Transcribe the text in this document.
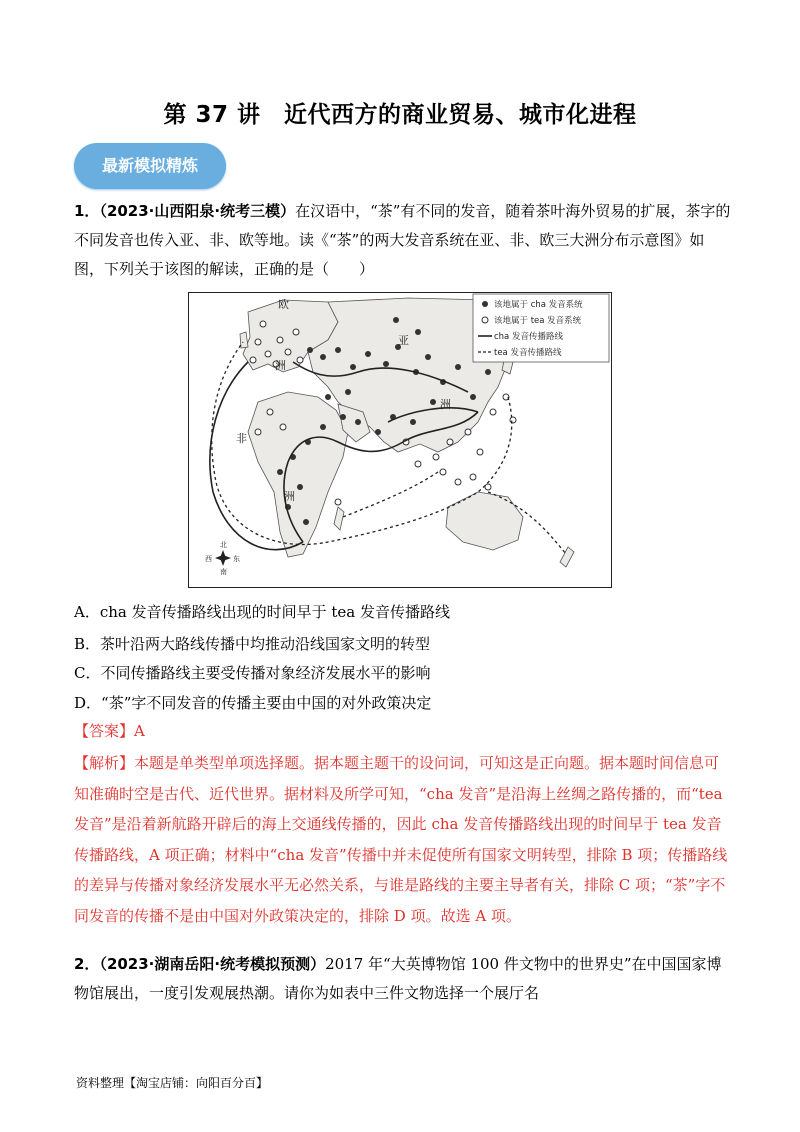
第 37 讲　近代西方的商业贸易、城市化进程
最新模拟精炼
1．（2023·山西阳泉·统考三模）在汉语中，“茶”有不同的发音，随着茶叶海外贸易的扩展，茶字的不同发音也传入亚、非、欧等地。读《“茶”的两大发音系统在亚、非、欧三大洲分布示意图》如图，下列关于该图的解读，正确的是（　　）
欧
洲
亚
洲
非
洲
该地属于 cha 发音系统
该地属于 tea 发音系统
cha 发音传播路线
tea 发音传播路线
北
南
东
西
A．cha 发音传播路线出现的时间早于 tea 发音传播路线
B．茶叶沿两大路线传播中均推动沿线国家文明的转型
C．不同传播路线主要受传播对象经济发展水平的影响
D．“茶”字不同发音的传播主要由中国的对外政策决定
【答案】A
【解析】本题是单类型单项选择题。据本题主题干的设问词，可知这是正向题。据本题时间信息可知准确时空是古代、近代世界。据材料及所学可知，“cha 发音”是沿海上丝绸之路传播的，而“tea 发音”是沿着新航路开辟后的海上交通线传播的，因此 cha 发音传播路线出现的时间早于 tea 发音传播路线，A 项正确；材料中“cha 发音”传播中并未促使所有国家文明转型，排除 B 项；传播路线的差异与传播对象经济发展水平无必然关系，与谁是路线的主要主导者有关，排除 C 项；“茶”字不同发音的传播不是由中国对外政策决定的，排除 D 项。故选 A 项。
2．（2023·湖南岳阳·统考模拟预测）2017 年“大英博物馆 100 件文物中的世界史”在中国国家博物馆展出，一度引发观展热潮。请你为如表中三件文物选择一个展厅名
资料整理【淘宝店铺：向阳百分百】
